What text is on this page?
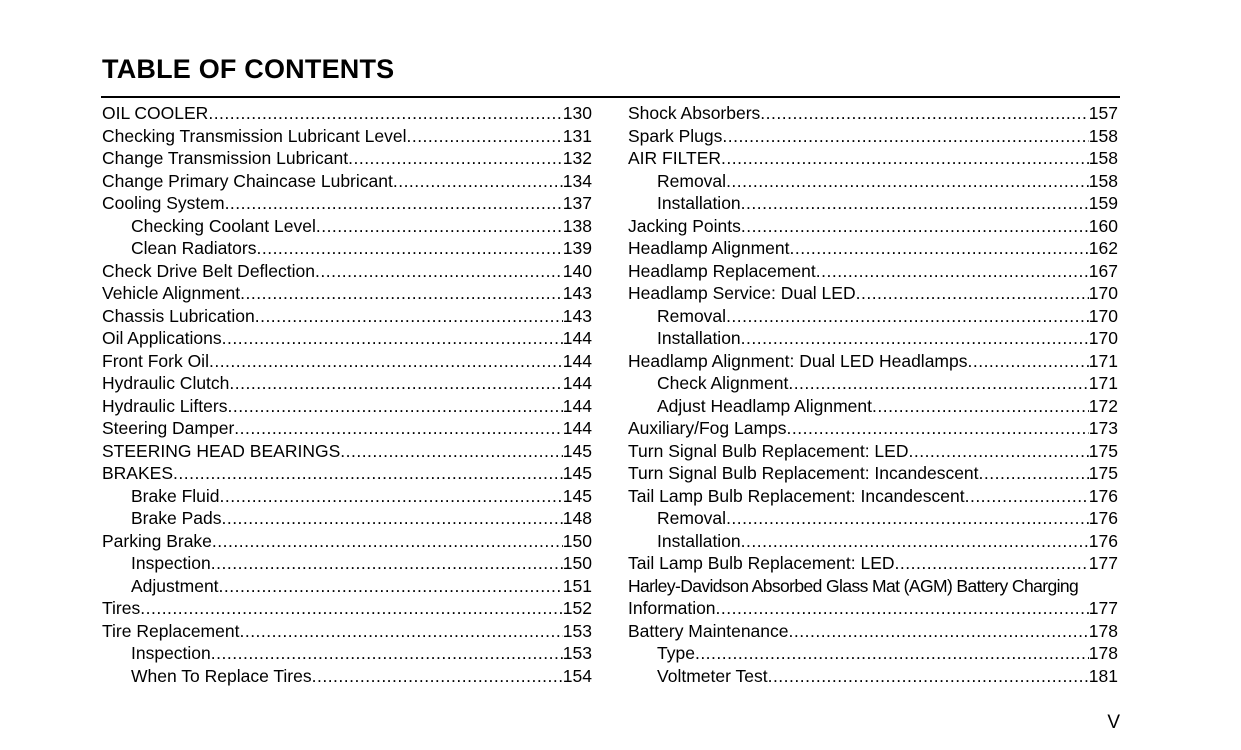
TABLE OF CONTENTS
OIL COOLER .....	130
Checking Transmission Lubricant Level .....	131
Change Transmission Lubricant .....	132
Change Primary Chaincase Lubricant .....	134
Cooling System .....	137
Checking Coolant Level .....	138
Clean Radiators .....	139
Check Drive Belt Deflection .....	140
Vehicle Alignment .....	143
Chassis Lubrication .....	143
Oil Applications .....	144
Front Fork Oil .....	144
Hydraulic Clutch .....	144
Hydraulic Lifters .....	144
Steering Damper .....	144
STEERING HEAD BEARINGS .....	145
BRAKES .....	145
Brake Fluid .....	145
Brake Pads .....	148
Parking Brake .....	150
Inspection .....	150
Adjustment .....	151
Tires .....	152
Tire Replacement .....	153
Inspection .....	153
When To Replace Tires .....	154
Shock Absorbers .....	157
Spark Plugs .....	158
AIR FILTER .....	158
Removal .....	158
Installation .....	159
Jacking Points .....	160
Headlamp Alignment .....	162
Headlamp Replacement .....	167
Headlamp Service: Dual LED .....	170
Removal .....	170
Installation .....	170
Headlamp Alignment: Dual LED Headlamps .....	171
Check Alignment .....	171
Adjust Headlamp Alignment .....	172
Auxiliary/Fog Lamps .....	173
Turn Signal Bulb Replacement: LED .....	175
Turn Signal Bulb Replacement: Incandescent .....	175
Tail Lamp Bulb Replacement: Incandescent .....	176
Removal .....	176
Installation .....	176
Tail Lamp Bulb Replacement: LED .....	177
Harley-Davidson Absorbed Glass Mat (AGM) Battery Charging
Information .....	177
Battery Maintenance .....	178
Type .....	178
Voltmeter Test .....	181
V
